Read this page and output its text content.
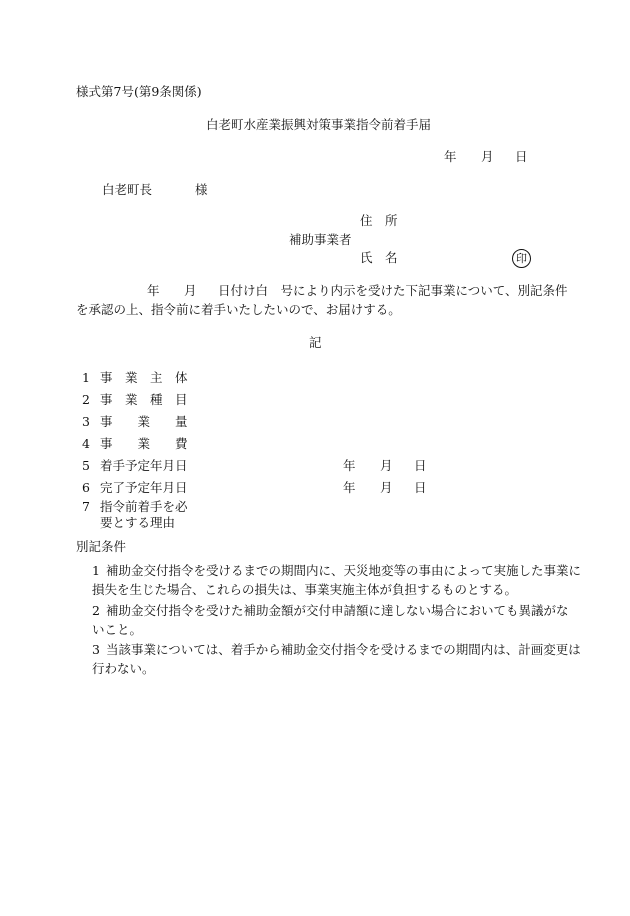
様式第7号(第9条関係)
白老町水産業振興対策事業指令前着手届
年 月 日
白老町長	様
住　所
補助事業者
氏　名	印
年 月 日付け白　号により内示を受けた下記事業について、別記条件
を承認の上、指令前に着手いたしたいので、お届けする。
記
1 事　業　主　体
2 事　業　種　目
3 事　　業　　量
4 事　　業　　費
5 着手予定年月日	年 月 日
6 完了予定年月日	年 月 日
7 指令前着手を必
要とする理由
別記条件
1 補助金交付指令を受けるまでの期間内に、天災地変等の事由によって実施した事業に
損失を生じた場合、これらの損失は、事業実施主体が負担するものとする。
2 補助金交付指令を受けた補助金額が交付申請額に達しない場合においても異議がな
いこと。
3 当該事業については、着手から補助金交付指令を受けるまでの期間内は、計画変更は
行わない。
